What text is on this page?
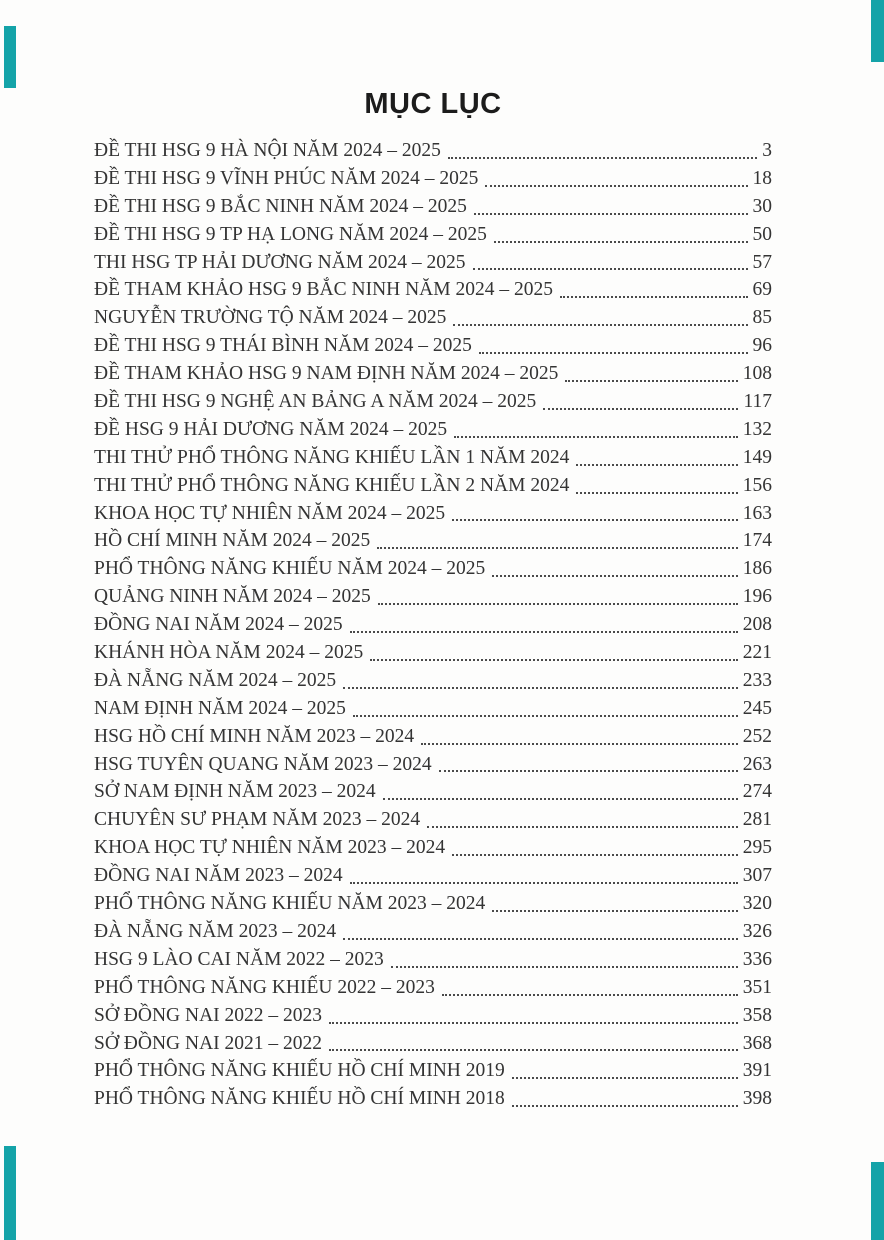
MỤC LỤC
ĐỀ THI HSG 9 HÀ NỘI NĂM 2024 – 2025	3
ĐỀ THI HSG 9 VĨNH PHÚC NĂM 2024 – 2025	18
ĐỀ THI HSG 9 BẮC NINH NĂM 2024 – 2025	30
ĐỀ THI HSG 9 TP HẠ LONG NĂM 2024 – 2025	50
THI HSG TP HẢI DƯƠNG NĂM 2024 – 2025	57
ĐỀ THAM KHẢO HSG 9 BẮC NINH NĂM 2024 – 2025	69
NGUYỄN TRƯỜNG TỘ NĂM 2024 – 2025	85
ĐỀ THI HSG 9 THÁI BÌNH NĂM 2024 – 2025	96
ĐỀ THAM KHẢO HSG 9 NAM ĐỊNH NĂM 2024 – 2025	108
ĐỀ THI HSG 9 NGHỆ AN BẢNG A NĂM 2024 – 2025	117
ĐỀ HSG 9 HẢI DƯƠNG NĂM 2024 – 2025	132
THI THỬ PHỔ THÔNG NĂNG KHIẾU LẦN 1 NĂM 2024	149
THI THỬ PHỔ THÔNG NĂNG KHIẾU LẦN 2 NĂM 2024	156
KHOA HỌC TỰ NHIÊN NĂM 2024 – 2025	163
HỒ CHÍ MINH NĂM 2024 – 2025	174
PHỔ THÔNG NĂNG KHIẾU NĂM 2024 – 2025	186
QUẢNG NINH NĂM 2024 – 2025	196
ĐỒNG NAI NĂM 2024 – 2025	208
KHÁNH HÒA NĂM 2024 – 2025	221
ĐÀ NẴNG NĂM 2024 – 2025	233
NAM ĐỊNH NĂM 2024 – 2025	245
HSG HỒ CHÍ MINH NĂM 2023 – 2024	252
HSG TUYÊN QUANG NĂM 2023 – 2024	263
SỞ NAM ĐỊNH NĂM 2023 – 2024	274
CHUYÊN SƯ PHẠM NĂM 2023 – 2024	281
KHOA HỌC TỰ NHIÊN NĂM 2023 – 2024	295
ĐỒNG NAI NĂM 2023 – 2024	307
PHỔ THÔNG NĂNG KHIẾU NĂM 2023 – 2024	320
ĐÀ NẴNG NĂM 2023 – 2024	326
HSG 9 LÀO CAI NĂM 2022 – 2023	336
PHỔ THÔNG NĂNG KHIẾU 2022 – 2023	351
SỞ ĐỒNG NAI 2022 – 2023	358
SỞ ĐỒNG NAI 2021 – 2022	368
PHỔ THÔNG NĂNG KHIẾU HỒ CHÍ MINH 2019	391
PHỔ THÔNG NĂNG KHIẾU HỒ CHÍ MINH 2018	398
